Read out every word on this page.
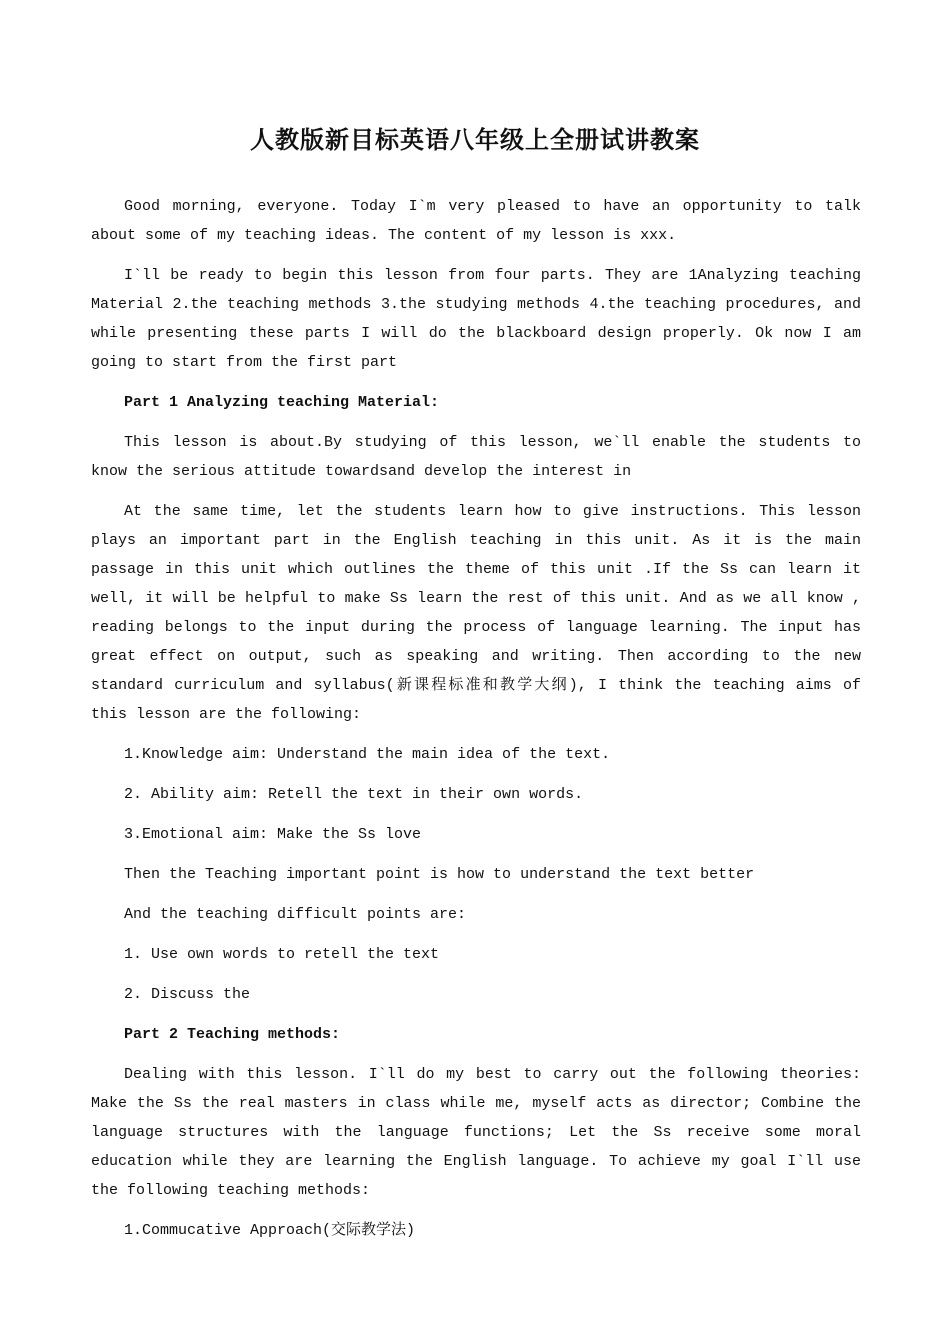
人教版新目标英语八年级上全册试讲教案

Good morning, everyone. Today I`m very pleased to have an opportunity to talk about some of my teaching ideas. The content of my lesson is xxx.

I`ll be ready to begin this lesson from four parts. They are 1Analyzing teaching Material 2.the teaching methods 3.the studying methods 4.the teaching procedures, and while presenting these parts I will do the blackboard design properly. Ok now I am going to start from the first part

Part 1 Analyzing teaching Material:

This lesson is about.By studying of this lesson, we`ll enable the students to know the serious attitude towardsand develop the interest in

At the same time, let the students learn how to give instructions. This lesson plays an important part in the English teaching in this unit. As it is the main passage in this unit which outlines the theme of this unit .If the Ss can learn it well, it will be helpful to make Ss learn the rest of this unit. And as we all know , reading belongs to the input during the process of language learning. The input has great effect on output, such as speaking and writing. Then according to the new standard curriculum and syllabus(新课程标准和教学大纲), I think the teaching aims of this lesson are the following:

1.Knowledge aim: Understand the main idea of the text.

2. Ability aim: Retell the text in their own words.

3.Emotional aim: Make the Ss love

Then the Teaching important point is how to understand the text better

And the teaching difficult points are:

1. Use own words to retell the text

2. Discuss the

Part 2 Teaching methods:

Dealing with this lesson. I`ll do my best to carry out the following theories: Make the Ss the real masters in class while me, myself acts as director; Combine the language structures with the language functions; Let the Ss receive some moral education while they are learning the English language. To achieve my goal I`ll use the following teaching methods:

1.Commucative Approach(交际教学法)
